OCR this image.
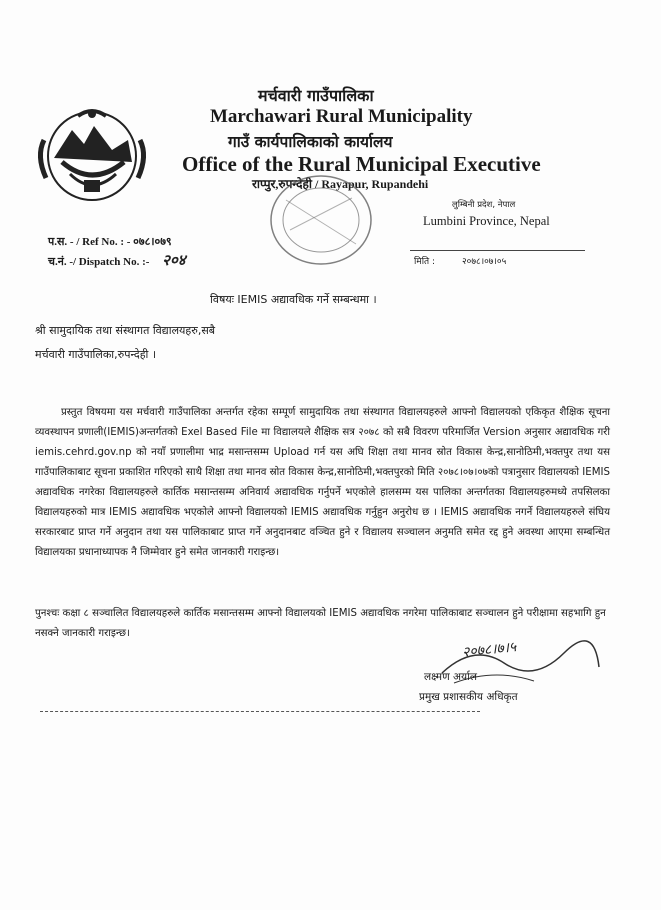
मर्चवारी गाउँपालिका
Marchawari Rural Municipality
गाउँ कार्यपालिकाको कार्यालय
Office of the Rural Municipal Executive
राप्पुर,रुपन्देही / Rayapur, Rupandehi
लुम्बिनी प्रदेश, नेपाल
Lumbini Province, Nepal
प.स. - / Ref No. : - ०७८।०७९
च.नं. -/ Dispatch No. :- २०४	मिति :	२०७८।०७।०५
विषयः IEMIS अद्यावधिक गर्ने सम्बन्धमा ।
श्री सामुदायिक तथा संस्थागत विद्यालयहरु,सबै
मर्चवारी गाउँपालिका,रुपन्देही ।
प्रस्तुत विषयमा यस मर्चवारी गाउँपालिका अन्तर्गत रहेका सम्पूर्ण सामुदायिक तथा संस्थागत विद्यालयहरुले आफ्नो विद्यालयको एकिकृत शैक्षिक सूचना व्यवस्थापन प्रणाली(IEMIS)अन्तर्गतको Exel Based File मा विद्यालयले शैक्षिक सत्र २०७८ को सबै विवरण परिमार्जित Version अनुसार अद्यावधिक गरी iemis.cehrd.gov.np को नयाँ प्रणालीमा भाद्र मसान्तसम्म Upload गर्न यस अघि शिक्षा तथा मानव स्रोत विकास केन्द्र,सानोठिमी,भक्तपुर तथा यस गाउँपालिकाबाट सूचना प्रकाशित गरिएको साथै शिक्षा तथा मानव स्रोत विकास केन्द्र,सानोठिमी,भक्तपुरको मिति २०७८।०७।०७को पत्रानुसार विद्यालयको IEMIS अद्यावधिक नगरेका विद्यालयहरुले कार्तिक मसान्तसम्म अनिवार्य अद्यावधिक गर्नुपर्ने भएकोले हालसम्म यस पालिका अन्तर्गतका विद्यालयहरुमध्ये तपसिलका विद्यालयहरुको मात्र IEMIS अद्यावधिक भएकोले आफ्नो विद्यालयको IEMIS अद्यावधिक गर्नुहुन अनुरोध छ । IEMIS अद्यावधिक नगर्ने विद्यालयहरुले संघिय सरकारबाट प्राप्त गर्ने अनुदान तथा यस पालिकाबाट प्राप्त गर्ने अनुदानबाट वञ्चित हुने र विद्यालय सञ्चालन अनुमति समेत रद्द हुने अवस्था आएमा सम्बन्धित विद्यालयका प्रधानाध्यापक नै जिम्मेवार हुने समेत जानकारी गराइन्छ।
पुनश्चः कक्षा ८ सञ्चालित विद्यालयहरुले कार्तिक मसान्तसम्म आफ्नो विद्यालयको IEMIS अद्यावधिक नगरेमा पालिकाबाट सञ्चालन हुने परीक्षामा सहभागि हुन नसक्ने जानकारी गराइन्छ।
२०७८।७।५
लक्ष्मण अर्याल
प्रमुख प्रशासकीय अधिकृत
